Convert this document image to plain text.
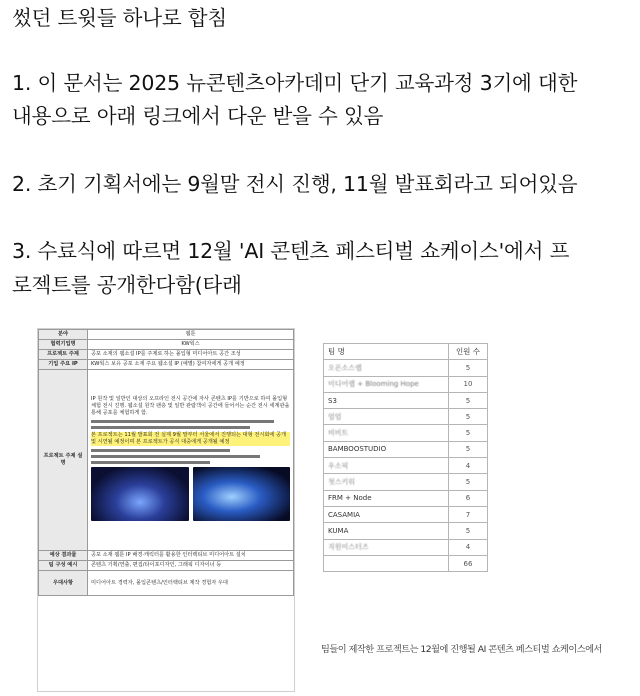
썼던 트윗들 하나로 합침
1. 이 문서는 2025 뉴콘텐츠아카데미 단기 교육과정 3기에 대한
내용으로 아래 링크에서 다운 받을 수 있음
2. 초기 기획서에는 9월말 전시 진행, 11월 발표회라고 되어있음
3. 수료식에 따르면 12월 'AI 콘텐츠 페스티벌 쇼케이스'에서 프
로젝트를 공개한다함(타래
분야	웹툰
협력기업명	KW웍스
프로젝트 주제	공포 소재의 웹소설 IP를 주제로 하는 몰입형 미디어아트 공간 조성
기업 주요 IP	KW웍스 보유 공포 소재 주요 웹소설 IP (예별) 참여자에게 공개 예정
프로젝트 주제 설명	IP 원작 및 일반인 대상의 오프라인 전시 공간에 자사 콘텐츠 IP를 기반으로 하여 몰입형 체험 전시 진행. 웹소설 원작 팬층 및 일반 관람객이 공간에 들어서는 순간 전시 세계관을 통해 공포를 체험하게 함.
본 프로젝트는 11월 발표회 전 실제 9월 말부터 서울에서 진행되는 대형 전시회에 공개 및 시연될 예정이며 본 프로젝트가 공식 대중에게 공개될 예정

예상 결과물	공포 소재 웹툰 IP 배경·캐릭터를 활용한 인터랙티브 미디어아트 설치
팀 구성 예시	콘텐츠 기획/연출, 편집/타이포디자인, 그래픽 디자이너 등
우대사항	미디어아트 경력자, 몰입콘텐츠/인터랙티브 제작 경험자 우대
팀 명	인원 수
오픈소스랩	5
미디어랩 + Blooming Hope	10
S3	5
엄엄	5
비비트	5
BAMBOOSTUDIO	5
우소픽	4
첫스키워	5
FRM + Node	6
CASAMIA	7
KUMA	5
직원미스터즈	4
	66
팀들이 제작한 프로젝트는 12월에 진행될 AI 콘텐츠 페스티벌 쇼케이스에서
